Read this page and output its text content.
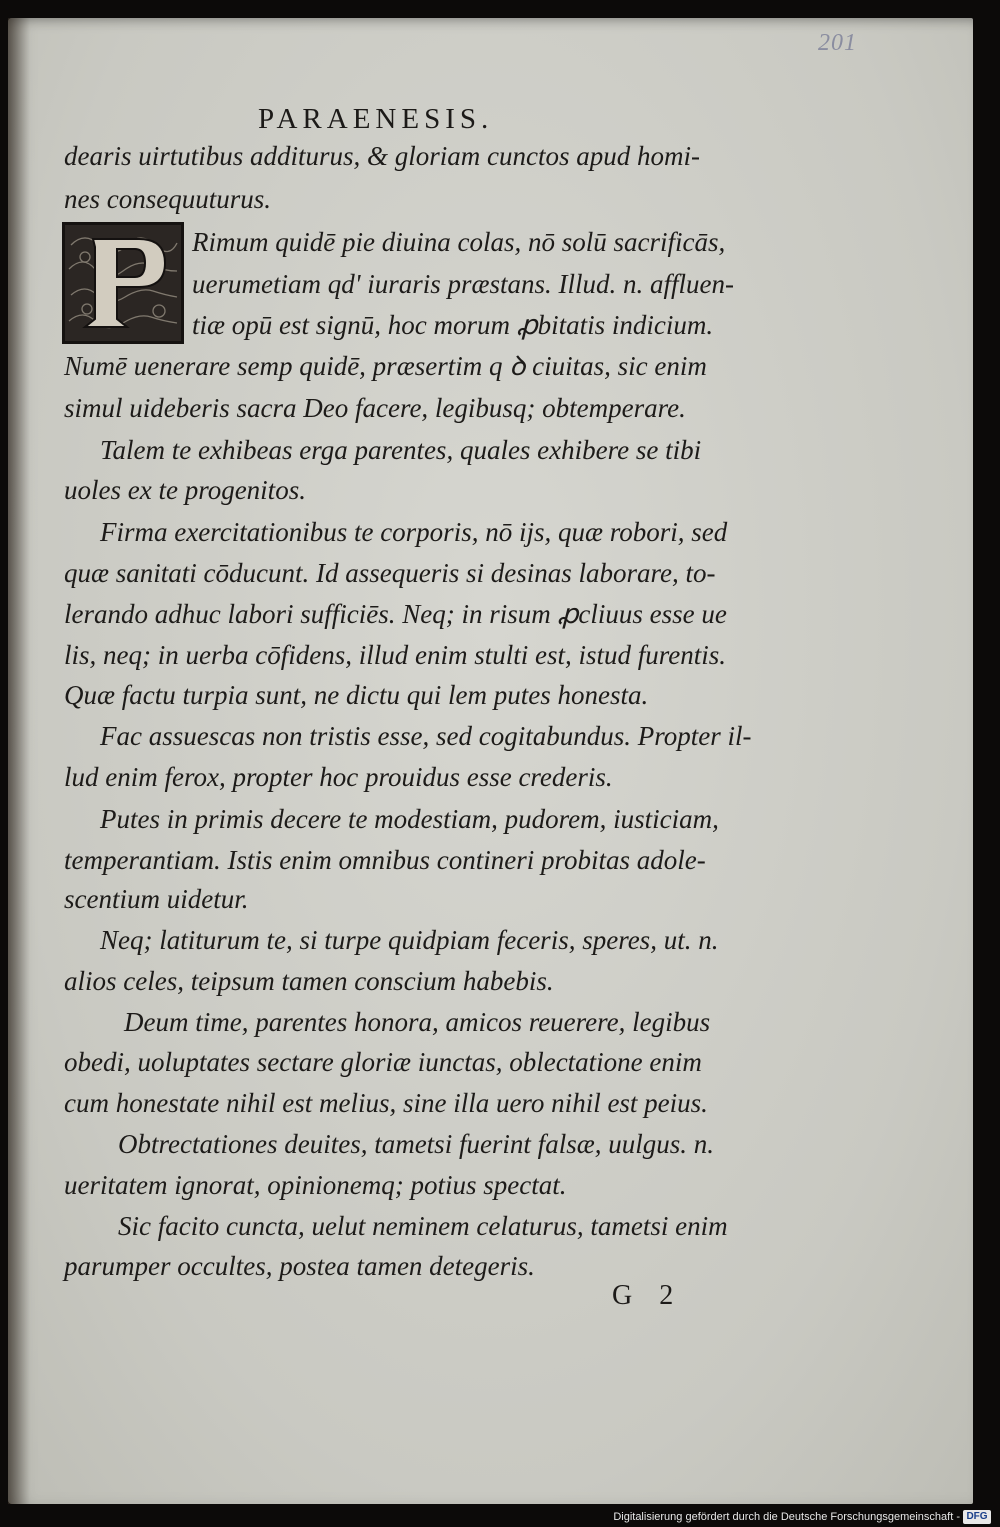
201
PARAENESIS.
dearis uirtutibus additurus, & gloriam cunctos apud homi-
nes consequuturus.
Rimum quidē pie diuina colas, nō solū sacrificās,
uerumetiam qd' iuraris præstans. Illud. n. affluen-
tiæ opū est signū, hoc morum ꝓbitatis indicium.
Numē uenerare semp quidē, præsertim q ꝺ ciuitas, sic enim
simul uideberis sacra Deo facere, legibusq; obtemperare.
Talem te exhibeas erga parentes, quales exhibere se tibi
uoles ex te progenitos.
Firma exercitationibus te corporis, nō ijs, quæ robori, sed
quæ sanitati cōducunt. Id assequeris si desinas laborare, to-
lerando adhuc labori sufficiēs. Neq; in risum ꝓcliuus esse ue
lis, neq; in uerba cōfidens, illud enim stulti est, istud furentis.
Quæ factu turpia sunt, ne dictu qui lem putes honesta.
Fac assuescas non tristis esse, sed cogitabundus. Propter il-
lud enim ferox, propter hoc prouidus esse crederis.
Putes in primis decere te modestiam, pudorem, iusticiam,
temperantiam. Istis enim omnibus contineri probitas adole-
scentium uidetur.
Neq; latiturum te, si turpe quidpiam feceris, speres, ut. n.
alios celes, teipsum tamen conscium habebis.
Deum time, parentes honora, amicos reuerere, legibus
obedi, uoluptates sectare gloriæ iunctas, oblectatione enim
cum honestate nihil est melius, sine illa uero nihil est peius.
Obtrectationes deuites, tametsi fuerint falsæ, uulgus. n.
ueritatem ignorat, opinionemq; potius spectat.
Sic facito cuncta, uelut neminem celaturus, tametsi enim
parumper occultes, postea tamen detegeris.
G 2
Digitalisierung gefördert durch die Deutsche Forschungsgemeinschaft - DFG
